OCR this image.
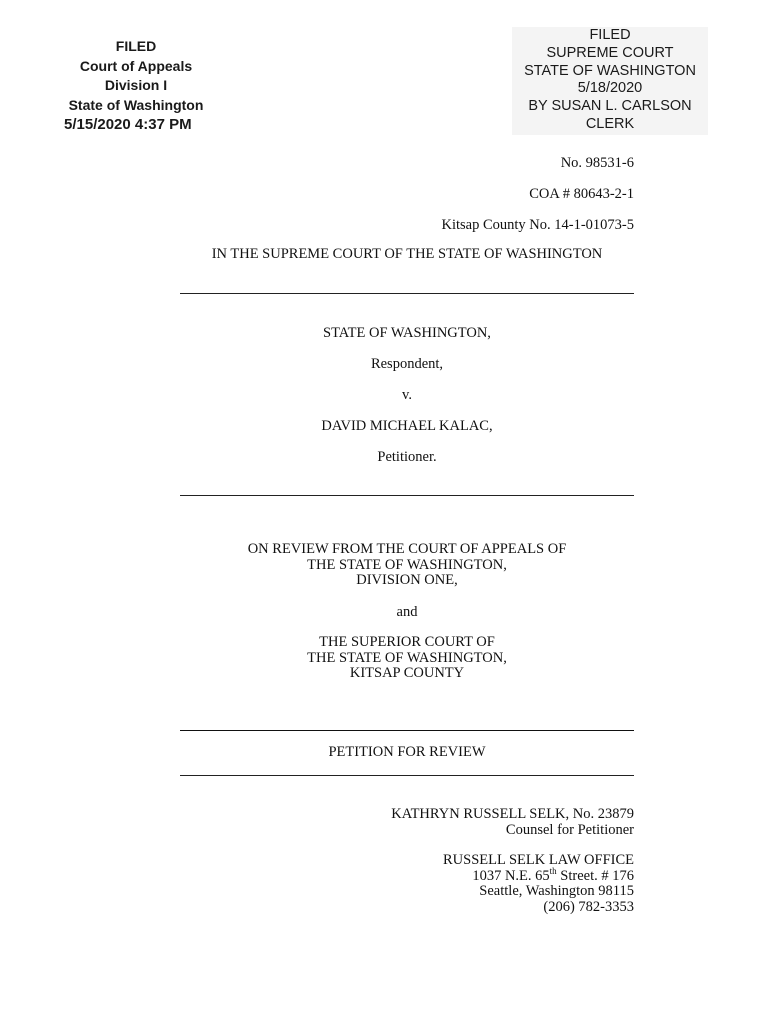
FILED
Court of Appeals
Division I
State of Washington
5/15/2020 4:37 PM
FILED
SUPREME COURT
STATE OF WASHINGTON
5/18/2020
BY SUSAN L. CARLSON
CLERK
No. 98531-6
COA # 80643-2-1
Kitsap County No. 14-1-01073-5
IN THE SUPREME COURT OF THE STATE OF WASHINGTON
STATE OF WASHINGTON,
Respondent,
v.
DAVID MICHAEL KALAC,
Petitioner.
ON REVIEW FROM THE COURT OF APPEALS OF
THE STATE OF WASHINGTON,
DIVISION ONE,
and
THE SUPERIOR COURT OF
THE STATE OF WASHINGTON,
KITSAP COUNTY
PETITION FOR REVIEW
KATHRYN RUSSELL SELK, No. 23879
Counsel for Petitioner
RUSSELL SELK LAW OFFICE
1037 N.E. 65th Street. # 176
Seattle, Washington 98115
(206) 782-3353
